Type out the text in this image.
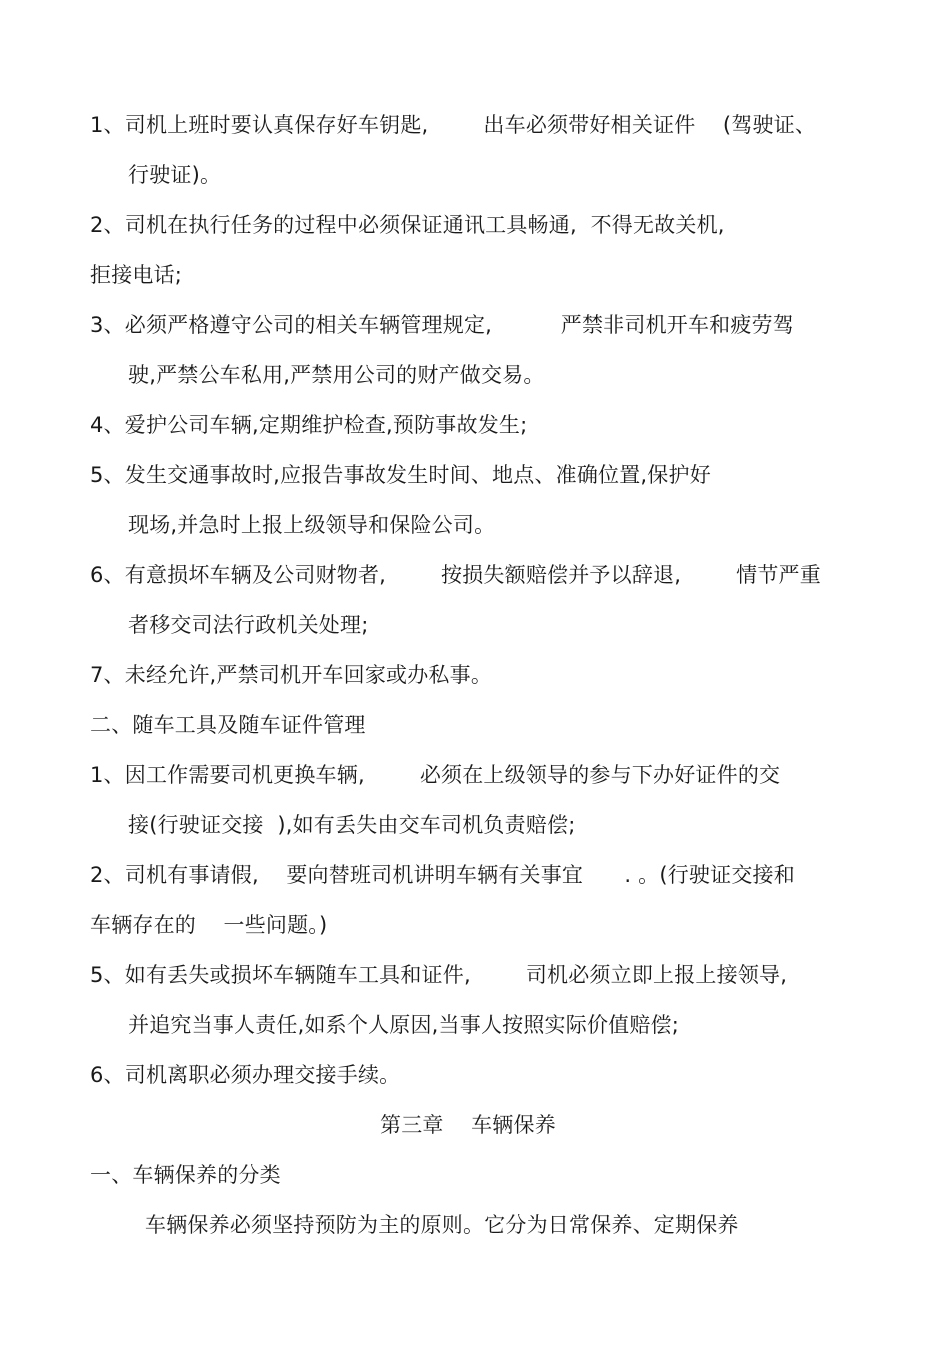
1、司机上班时要认真保存好车钥匙,        出车必须带好相关证件    (驾驶证、
行驶证)。
2、司机在执行任务的过程中必须保证通讯工具畅通,  不得无故关机,
拒接电话;
3、必须严格遵守公司的相关车辆管理规定,          严禁非司机开车和疲劳驾
驶,严禁公车私用,严禁用公司的财产做交易。
4、爱护公司车辆,定期维护检查,预防事故发生;
5、发生交通事故时,应报告事故发生时间、地点、准确位置,保护好
现场,并急时上报上级领导和保险公司。
6、有意损坏车辆及公司财物者,        按损失额赔偿并予以辞退,        情节严重
者移交司法行政机关处理;
7、未经允许,严禁司机开车回家或办私事。
二、随车工具及随车证件管理
1、因工作需要司机更换车辆,        必须在上级领导的参与下办好证件的交
接(行驶证交接  ),如有丢失由交车司机负责赔偿;
2、司机有事请假,    要向替班司机讲明车辆有关事宜      . 。(行驶证交接和
车辆存在的    一些问题。)
5、如有丢失或损坏车辆随车工具和证件,        司机必须立即上报上接领导,
并追究当事人责任,如系个人原因,当事人按照实际价值赔偿;
6、司机离职必须办理交接手续。
第三章    车辆保养
一、车辆保养的分类
车辆保养必须坚持预防为主的原则。它分为日常保养、定期保养
